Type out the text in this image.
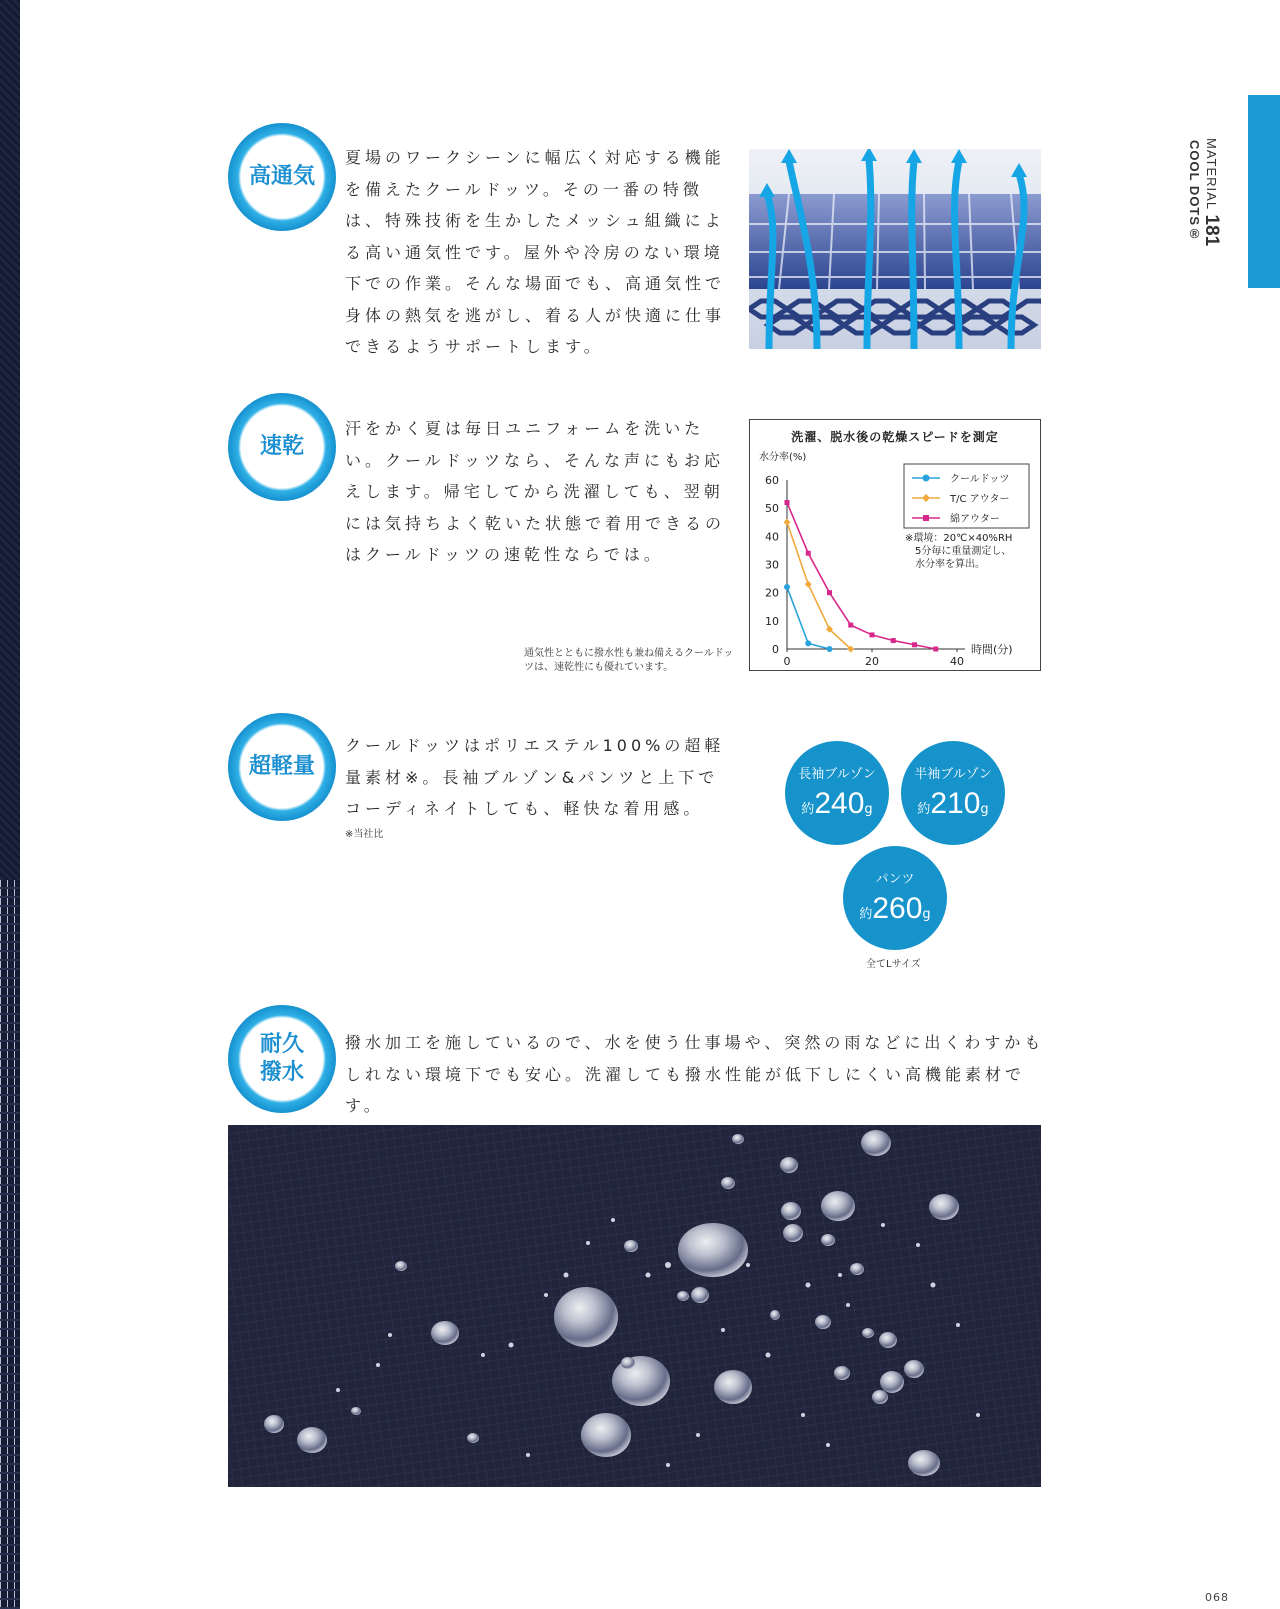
MATERIAL 181
COOL DOTS®
高通気
夏場のワークシーンに幅広く対応する機能を備えたクールドッツ。その一番の特徴は、特殊技術を生かしたメッシュ組織による高い通気性です。屋外や冷房のない環境下での作業。そんな場面でも、高通気性で身体の熱気を逃がし、着る人が快適に仕事できるようサポートします。
速乾
汗をかく夏は毎日ユニフォームを洗いたい。クールドッツなら、そんな声にもお応えします。帰宅してから洗濯しても、翌朝には気持ちよく乾いた状態で着用できるのはクールドッツの速乾性ならでは。
通気性とともに撥水性も兼ね備えるクールドッツは、速乾性にも優れています。
洗濯、脱水後の乾燥スピードを測定
水分率(%)
時間(分)
0
10
20
30
40
50
60
0	20	40
クールドッツ
T/C アウター
綿アウター
※環境：20℃×40%RH
5分毎に重量測定し、
水分率を算出。
超軽量
クールドッツはポリエステル100%の超軽量素材※。長袖ブルゾン&パンツと上下でコーディネイトしても、軽快な着用感。
※当社比
長袖ブルゾン
約240g
半袖ブルゾン
約210g
パンツ
約260g
全てLサイズ
耐久
撥水
撥水加工を施しているので、水を使う仕事場や、突然の雨などに出くわすかもしれない環境下でも安心。洗濯しても撥水性能が低下しにくい高機能素材です。
068
